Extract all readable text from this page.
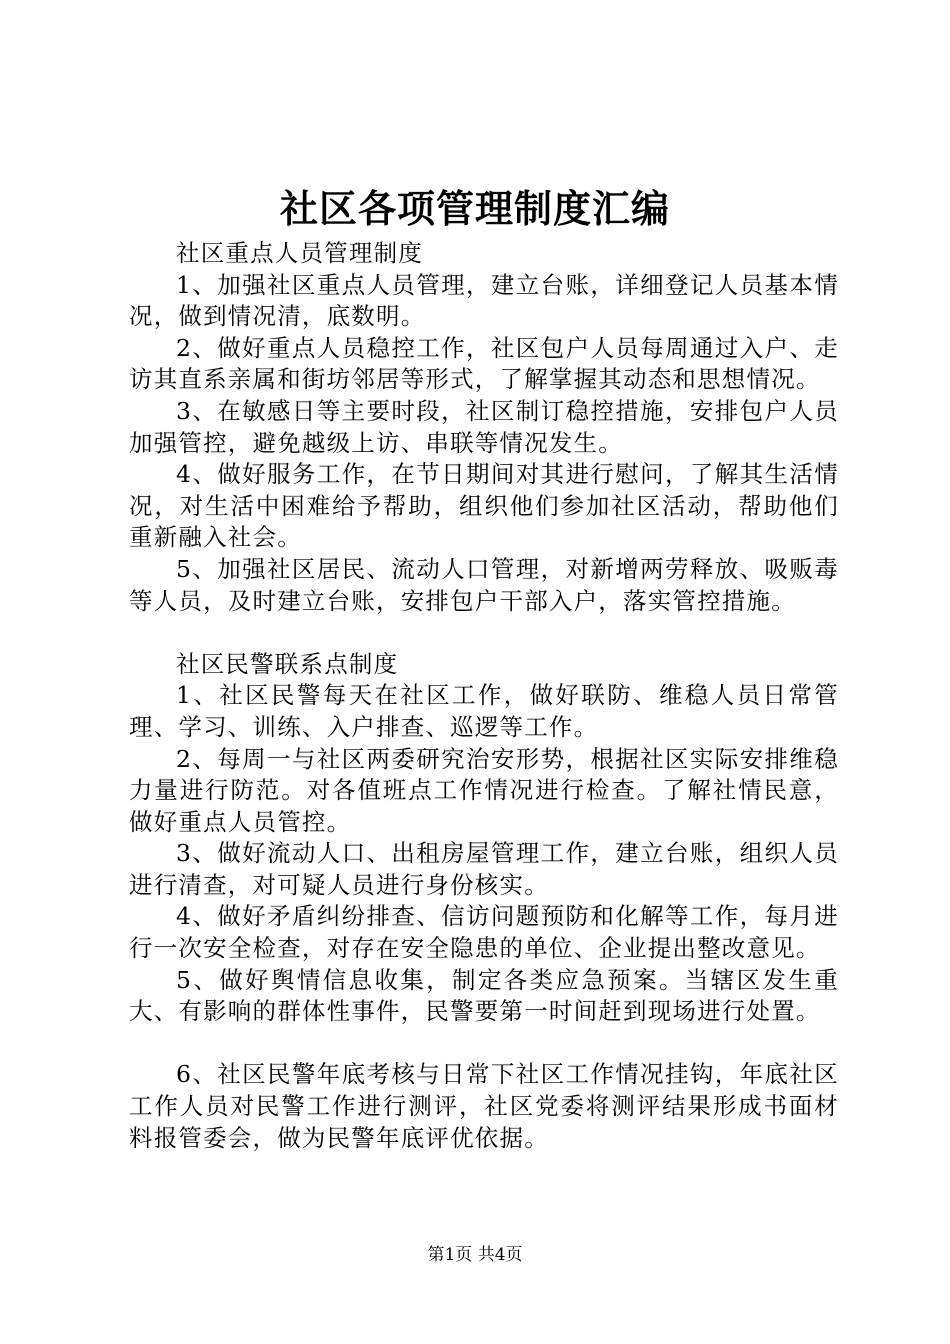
社区各项管理制度汇编

社区重点人员管理制度

1、加强社区重点人员管理，建立台账，详细登记人员基本情况，做到情况清，底数明。

2、做好重点人员稳控工作，社区包户人员每周通过入户、走访其直系亲属和街坊邻居等形式，了解掌握其动态和思想情况。

3、在敏感日等主要时段，社区制订稳控措施，安排包户人员加强管控，避免越级上访、串联等情况发生。

4、做好服务工作，在节日期间对其进行慰问，了解其生活情况，对生活中困难给予帮助，组织他们参加社区活动，帮助他们重新融入社会。

5、加强社区居民、流动人口管理，对新增两劳释放、吸贩毒等人员，及时建立台账，安排包户干部入户，落实管控措施。

社区民警联系点制度

1、社区民警每天在社区工作，做好联防、维稳人员日常管理、学习、训练、入户排查、巡逻等工作。

2、每周一与社区两委研究治安形势，根据社区实际安排维稳力量进行防范。对各值班点工作情况进行检查。了解社情民意，做好重点人员管控。

3、做好流动人口、出租房屋管理工作，建立台账，组织人员进行清查，对可疑人员进行身份核实。

4、做好矛盾纠纷排查、信访问题预防和化解等工作，每月进行一次安全检查，对存在安全隐患的单位、企业提出整改意见。

5、做好舆情信息收集，制定各类应急预案。当辖区发生重大、有影响的群体性事件，民警要第一时间赶到现场进行处置。

6、社区民警年底考核与日常下社区工作情况挂钩，年底社区工作人员对民警工作进行测评，社区党委将测评结果形成书面材料报管委会，做为民警年底评优依据。

第1页 共4页
